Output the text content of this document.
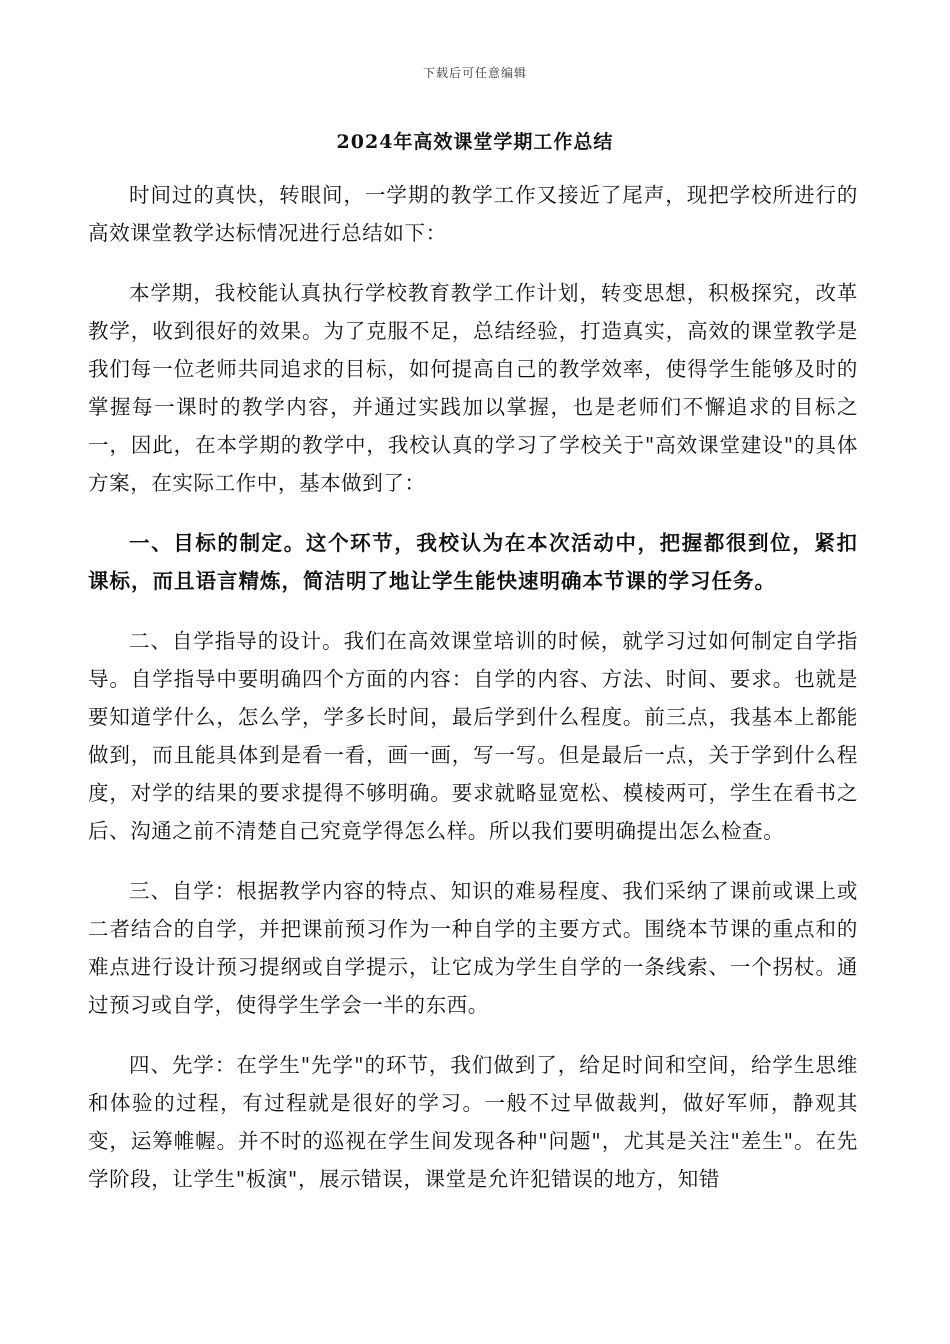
下载后可任意编辑
2024年高效课堂学期工作总结

时间过的真快，转眼间，一学期的教学工作又接近了尾声，现把学校所进行的高效课堂教学达标情况进行总结如下：

本学期，我校能认真执行学校教育教学工作计划，转变思想，积极探究，改革教学，收到很好的效果。为了克服不足，总结经验，打造真实，高效的课堂教学是我们每一位老师共同追求的目标，如何提高自己的教学效率，使得学生能够及时的掌握每一课时的教学内容，并通过实践加以掌握，也是老师们不懈追求的目标之一，因此，在本学期的教学中，我校认真的学习了学校关于"高效课堂建设"的具体方案，在实际工作中，基本做到了：

一、目标的制定。这个环节，我校认为在本次活动中，把握都很到位，紧扣课标，而且语言精炼，简洁明了地让学生能快速明确本节课的学习任务。

二、自学指导的设计。我们在高效课堂培训的时候，就学习过如何制定自学指导。自学指导中要明确四个方面的内容：自学的内容、方法、时间、要求。也就是要知道学什么，怎么学，学多长时间，最后学到什么程度。前三点，我基本上都能做到，而且能具体到是看一看，画一画，写一写。但是最后一点，关于学到什么程度，对学的结果的要求提得不够明确。要求就略显宽松、模棱两可，学生在看书之后、沟通之前不清楚自己究竟学得怎么样。所以我们要明确提出怎么检查。

三、自学：根据教学内容的特点、知识的难易程度、我们采纳了课前或课上或二者结合的自学，并把课前预习作为一种自学的主要方式。围绕本节课的重点和的难点进行设计预习提纲或自学提示，让它成为学生自学的一条线索、一个拐杖。通过预习或自学，使得学生学会一半的东西。

四、先学：在学生"先学"的环节，我们做到了，给足时间和空间，给学生思维和体验的过程，有过程就是很好的学习。一般不过早做裁判，做好军师，静观其变，运筹帷幄。并不时的巡视在学生间发现各种"问题"，尤其是关注"差生"。在先学阶段，让学生"板演"，展示错误，课堂是允许犯错误的地方，知错
